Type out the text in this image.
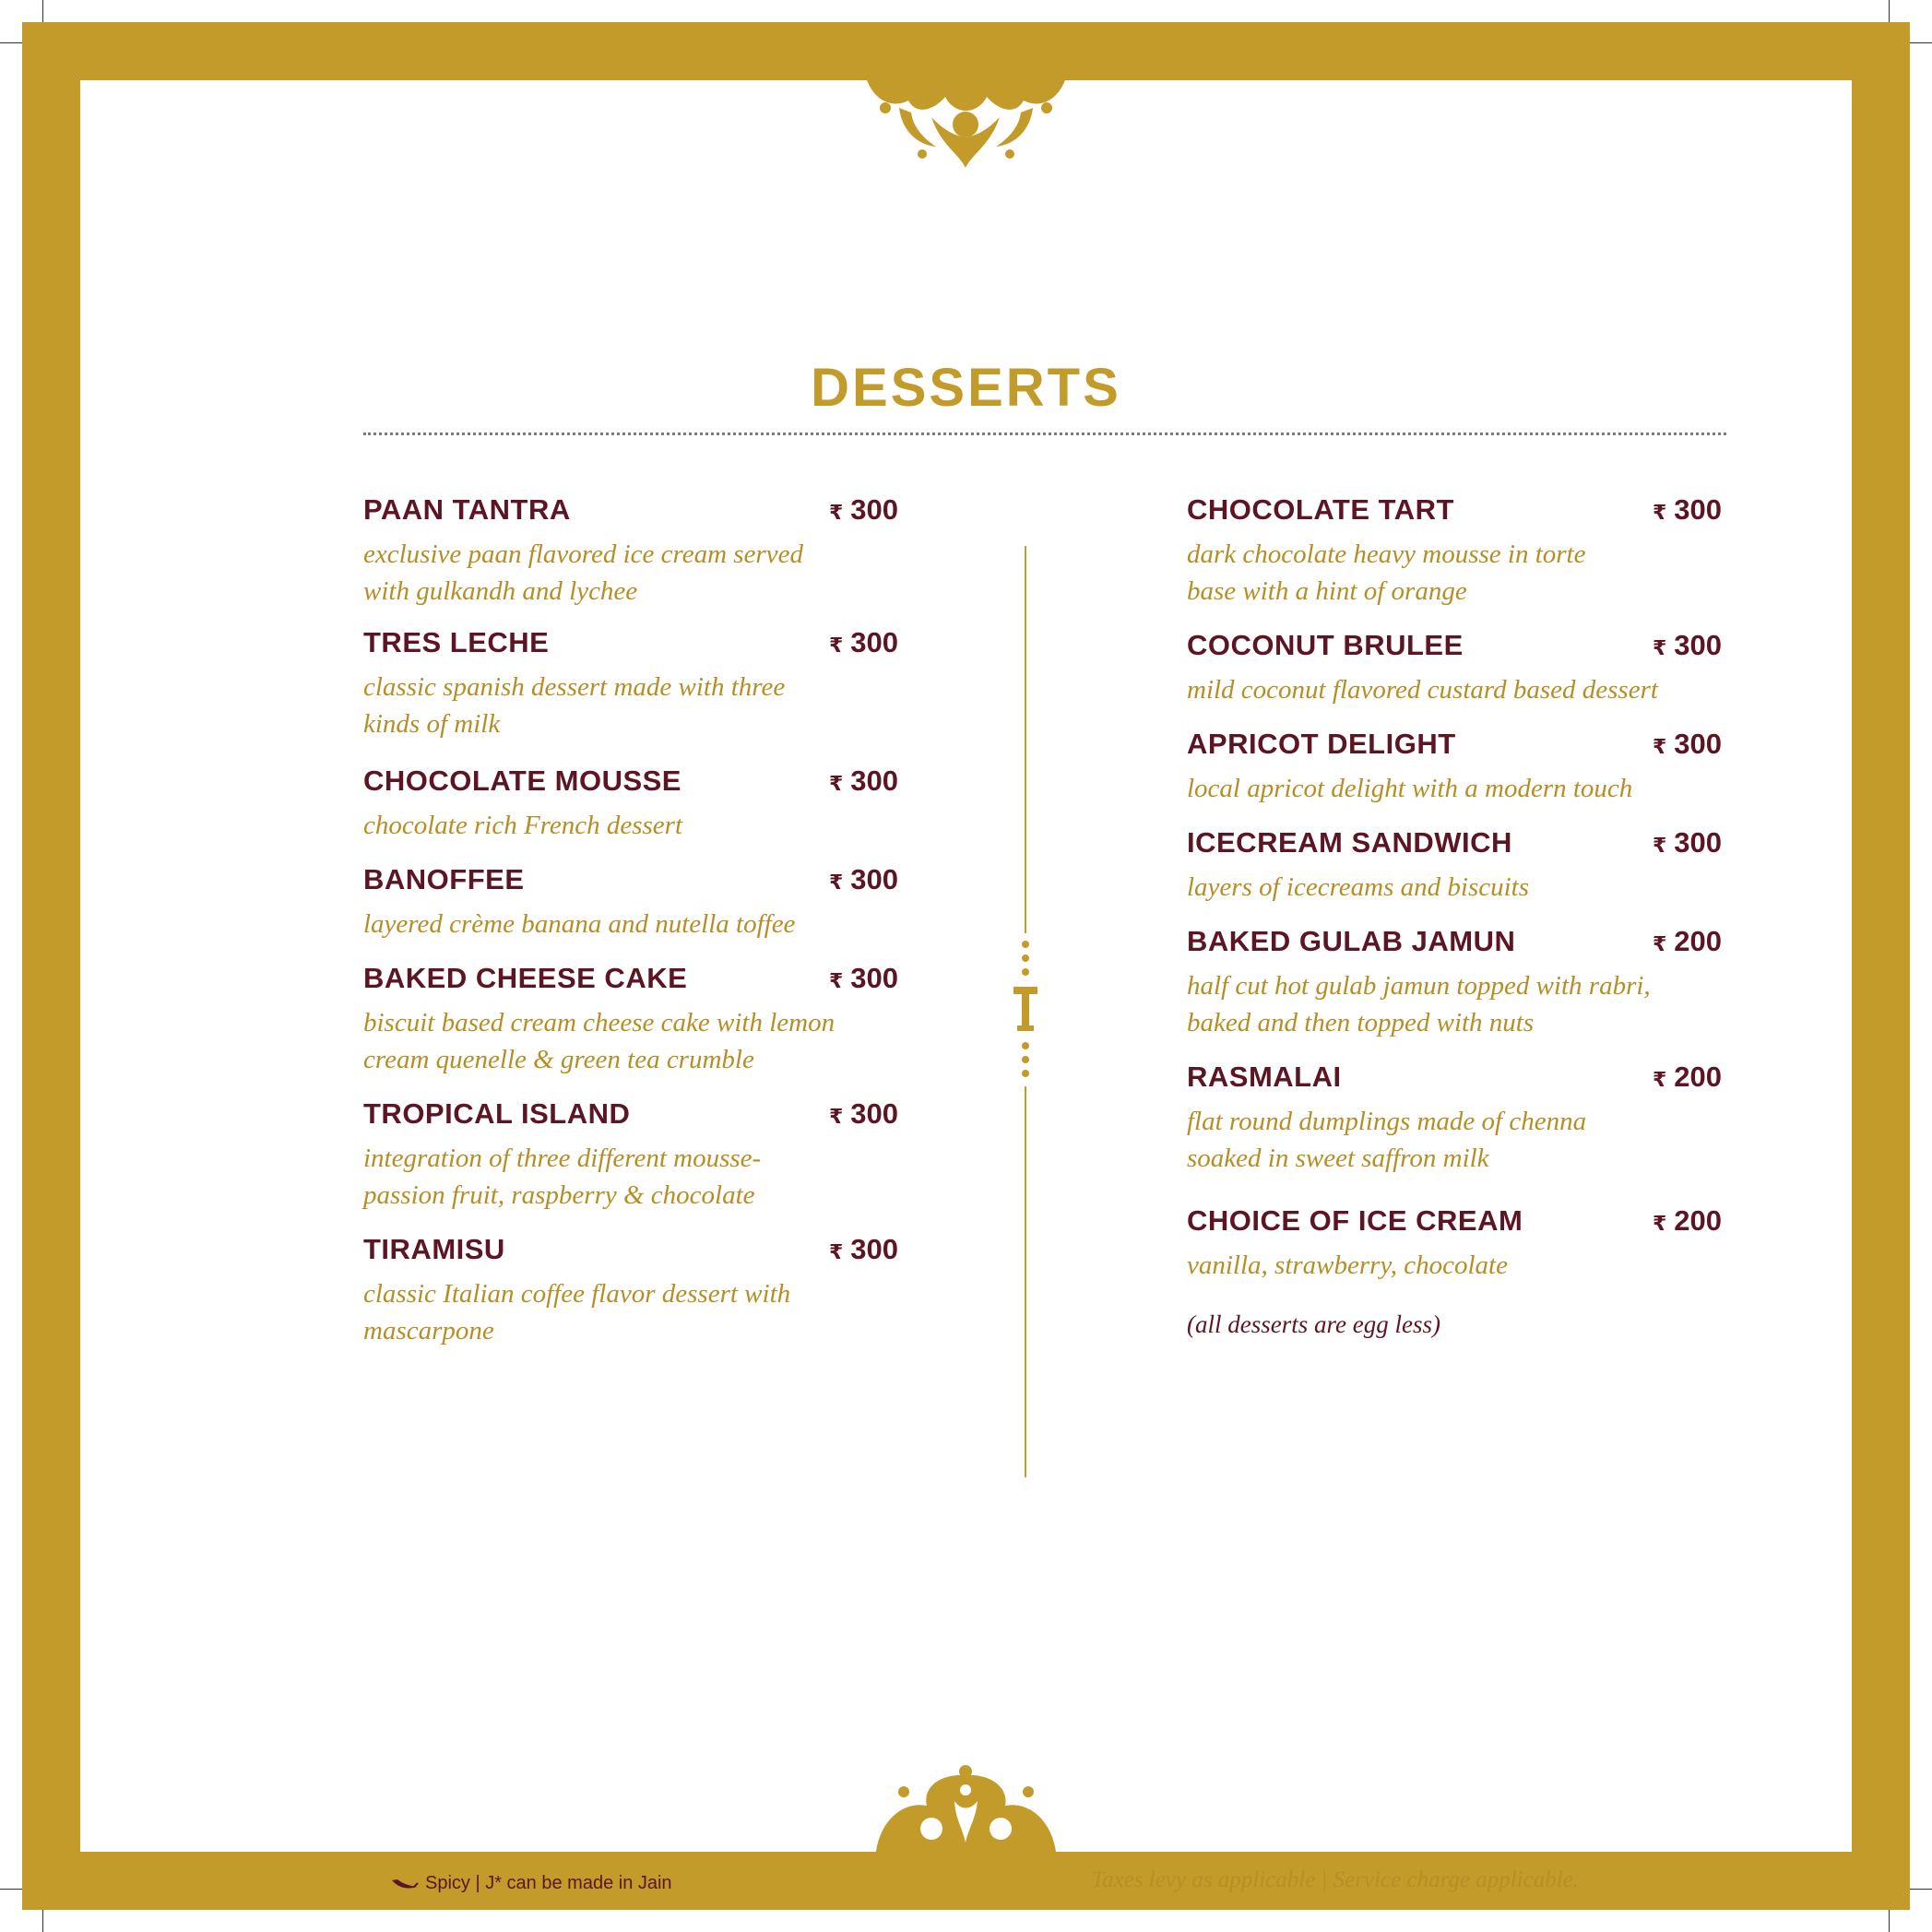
DESSERTS
PAAN TANTRA	₹ 300
exclusive paan flavored ice cream served
with gulkandh and lychee
TRES LECHE	₹ 300
classic spanish dessert made with three
kinds of milk
CHOCOLATE MOUSSE	₹ 300
chocolate rich French dessert
BANOFFEE	₹ 300
layered crème banana and nutella toffee
BAKED CHEESE CAKE	₹ 300
biscuit based cream cheese cake with lemon
cream quenelle & green tea crumble
TROPICAL ISLAND	₹ 300
integration of three different mousse-
passion fruit, raspberry & chocolate
TIRAMISU	₹ 300
classic Italian coffee flavor dessert with
mascarpone
CHOCOLATE TART	₹ 300
dark chocolate heavy mousse in torte
base with a hint of orange
COCONUT BRULEE	₹ 300
mild coconut flavored custard based dessert
APRICOT DELIGHT	₹ 300
local apricot delight with a modern touch
ICECREAM SANDWICH	₹ 300
layers of icecreams and biscuits
BAKED GULAB JAMUN	₹ 200
half cut hot gulab jamun topped with rabri,
baked and then topped with nuts
RASMALAI	₹ 200
flat round dumplings made of chenna
soaked in sweet saffron milk
CHOICE OF ICE CREAM	₹ 200
vanilla, strawberry, chocolate
(all desserts are egg less)
Spicy | J* can be made in Jain	Taxes levy as applicable | Service charge applicable.
